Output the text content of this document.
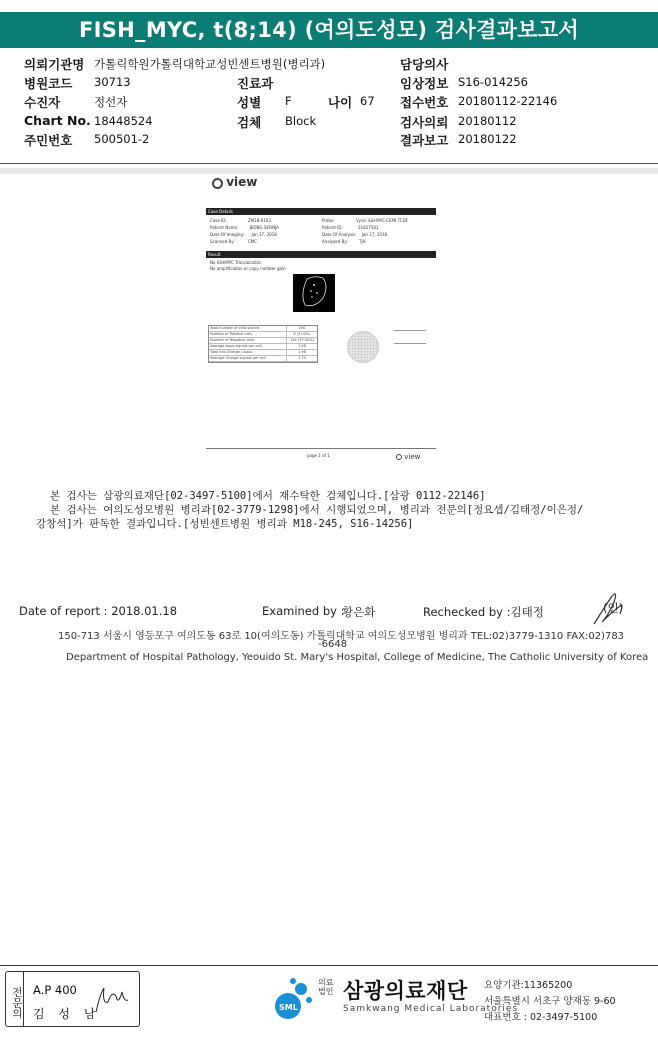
FISH_MYC, t(8;14) (여의도성모) 검사결과보고서
의뢰기관명 가톨릭학원가톨릭대학교성빈센트병원(병리과)
병원코드 30713
수진자	정선자
Chart No. 18448524
주민번호 500501-2
진료과
성별 F	나이 67
검체 Block
담당의사
임상정보 S16-014256
접수번호 20180112-22146
검사의뢰 20180112
결과보고 20180122
view
Case Details
Case ID:	ZM18-0103
Patient Name:	JEONG SEONJA
Date Of Imaging: Jan 17, 2018
Scanned By:	CMC
Probe:	Vysis IGH-MYC-CEP8 TCDF
Patient ID:	21827541
Date Of Analysis: Jan 17, 2018
Analyzed By:	TJH
Result
No IGH/MYC Translocation
No amplification or copy number gain
Total number of cells scored	200
Number of Positive cells	6 (3.00%)
Number of Negative cells	194 (97.00%)
Average aqua signals per cell	1.98
Total hits Orange / Aqua	1.98
Average Orange signals per cell	1.70
page 1 of 1	view
본 검사는 삼광의료재단[02-3497-5100]에서 재수탁한 검체입니다.[삼광 0112-22146]
본 검사는 여의도성모병원 병리과[02-3779-1298]에서 시행되었으며, 병리과 전문의[정요셉/김태정/이은정/
강창석]가 판독한 결과입니다.[성빈센트병원 병리과 M18-245, S16-14256]
Date of report : 2018.01.18	Examined by :
황은화	Rechecked by :김태정	(인)
150-713 서울시 영등포구 여의도동 63로 10(여의도동) 가톨릭대학교 여의도성모병원 병리과 TEL:02)3779-1310 FAX:02)783
-6648
Department of Hospital Pathology, Yeouido St. Mary's Hospital, College of Medicine, The Catholic University of Korea
전문의 A.P 400
김 성 남	SML
의료
법인 삼광의료재단
Samkwang Medical Laboratories
요양기관:11365200
서울특별시 서초구 양재동 9-60
대표번호 : 02-3497-5100
